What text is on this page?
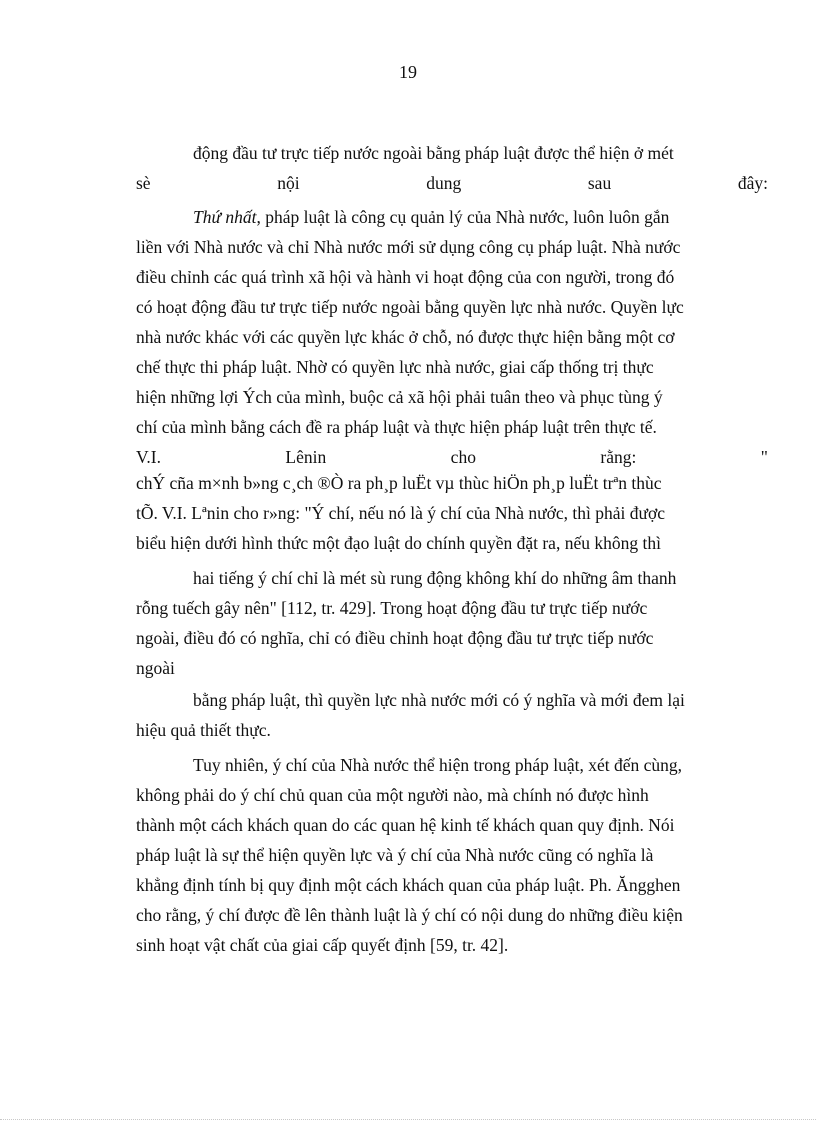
19
động đầu tư trực tiếp nước ngoài bằng pháp luật được thể hiện ở mét
sè	nội	dung	sau	đây:
Thứ nhất, pháp luật là công cụ quản lý của Nhà nước, luôn luôn gắn
liền với Nhà nước và chỉ Nhà nước mới sử dụng công cụ pháp luật. Nhà nước
điều chỉnh các quá trình xã hội và hành vi hoạt động của con người, trong đó
có hoạt động đầu tư trực tiếp nước ngoài bằng quyền lực nhà nước. Quyền lực
nhà nước khác với các quyền lực khác ở chỗ, nó được thực hiện bằng một cơ
chế thực thi pháp luật. Nhờ có quyền lực nhà nước, giai cấp thống trị thực
hiện những lợi Ých của mình, buộc cả xã hội phải tuân theo và phục tùng ý
chí của mình bằng cách đề ra pháp luật và thực hiện pháp luật trên thực tế.
V.I.	Lênin	cho	rằng:	"
chÝ cña m×nh b»ng c¸ch ®Ò ra ph¸p luËt vµ thùc hiÖn ph¸p luËt trªn thùc
tÕ. V.I. Lªnin cho r»ng: "Ý chí, nếu nó là ý chí của Nhà nước, thì phải được
biểu hiện dưới hình thức một đạo luật do chính quyền đặt ra, nếu không thì
hai tiếng ý chí chỉ là mét sù rung động không khí do những âm thanh
rỗng tuếch gây nên" [112, tr. 429]. Trong hoạt động đầu tư trực tiếp nước
ngoài, điều đó có nghĩa, chỉ có điều chỉnh hoạt động đầu tư trực tiếp nước
ngoài
bằng pháp luật, thì quyền lực nhà nước mới có ý nghĩa và mới đem lại
hiệu quả thiết thực.
Tuy nhiên, ý chí của Nhà nước thể hiện trong pháp luật, xét đến cùng,
không phải do ý chí chủ quan của một người nào, mà chính nó được hình
thành một cách khách quan do các quan hệ kinh tế khách quan quy định. Nói
pháp luật là sự thể hiện quyền lực và ý chí của Nhà nước cũng có nghĩa là
khẳng định tính bị quy định một cách khách quan của pháp luật. Ph. Ăngghen
cho rằng, ý chí được đề lên thành luật là ý chí có nội dung do những điều kiện
sinh hoạt vật chất của giai cấp quyết định [59, tr. 42].
